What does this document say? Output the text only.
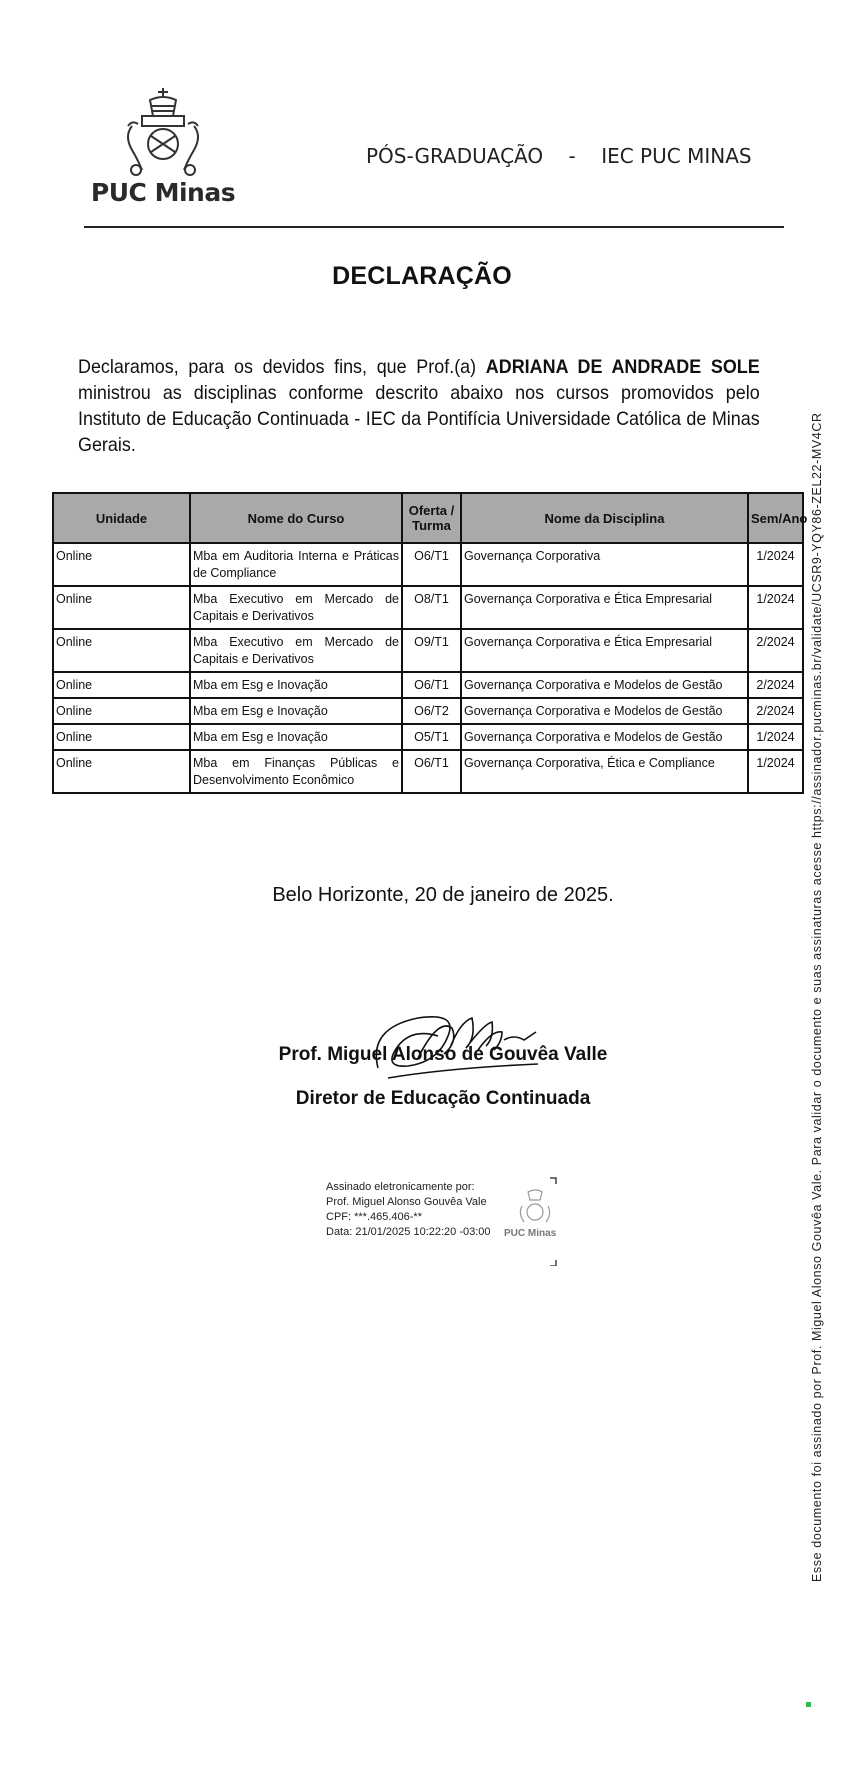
PUC Minas
PÓS-GRADUAÇÃO    -    IEC PUC MINAS
DECLARAÇÃO
Declaramos, para os devidos fins, que Prof.(a) ADRIANA DE ANDRADE SOLE ministrou as disciplinas conforme descrito abaixo nos cursos promovidos pelo Instituto de Educação Continuada - IEC da Pontifícia Universidade Católica de Minas Gerais.
Unidade	Nome do Curso	Oferta / Turma	Nome da Disciplina	Sem/Ano
Online	Mba em Auditoria Interna e Práticas de Compliance	O6/T1	Governança Corporativa	1/2024
Online	Mba Executivo em Mercado de Capitais e Derivativos	O8/T1	Governança Corporativa e Ética Empresarial	1/2024
Online	Mba Executivo em Mercado de Capitais e Derivativos	O9/T1	Governança Corporativa e Ética Empresarial	2/2024
Online	Mba em Esg e Inovação	O6/T1	Governança Corporativa e Modelos de Gestão	2/2024
Online	Mba em Esg e Inovação	O6/T2	Governança Corporativa e Modelos de Gestão	2/2024
Online	Mba em Esg e Inovação	O5/T1	Governança Corporativa e Modelos de Gestão	1/2024
Online	Mba em Finanças Públicas e Desenvolvimento Econômico	O6/T1	Governança Corporativa, Ética e Compliance	1/2024
Belo Horizonte, 20 de janeiro de 2025.
Prof. Miguel Alonso de Gouvêa Valle
Diretor de Educação Continuada
Assinado eletronicamente por:
Prof. Miguel Alonso Gouvêa Vale
CPF: ***.465.406-**
Data: 21/01/2025 10:22:20 -03:00 PUC Minas	Esse documento foi assinado por Prof. Miguel Alonso Gouvêa Vale. Para validar o documento e suas assinaturas acesse https://assinador.pucminas.br/validate/UCSR9-YQY86-ZEL22-MV4CR
